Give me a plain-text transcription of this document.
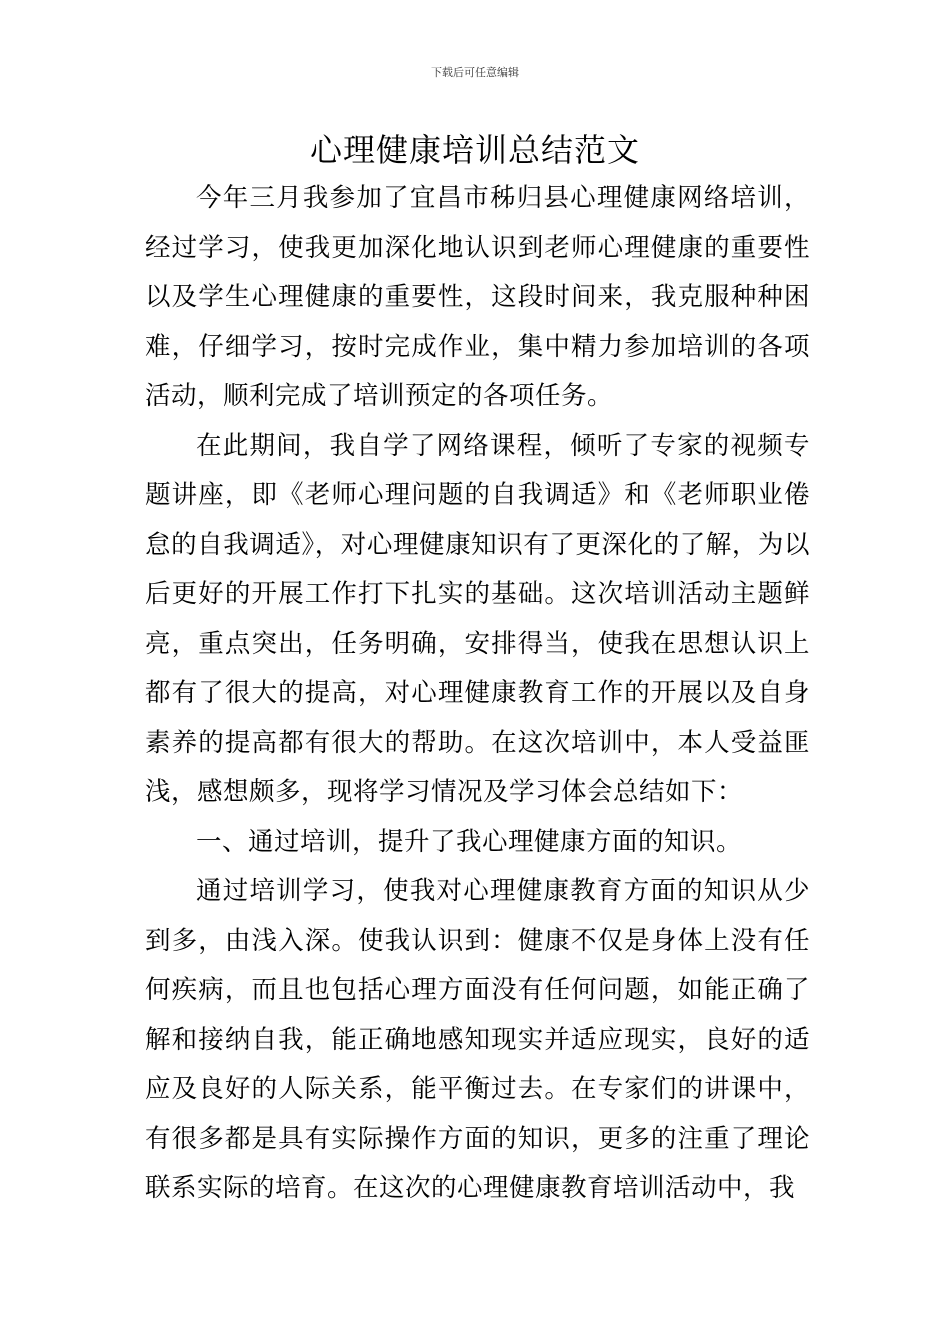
下载后可任意编辑
心理健康培训总结范文

今年三月我参加了宜昌市秭归县心理健康网络培训，经过学习，使我更加深化地认识到老师心理健康的重要性以及学生心理健康的重要性，这段时间来，我克服种种困难，仔细学习，按时完成作业，集中精力参加培训的各项活动，顺利完成了培训预定的各项任务。

在此期间，我自学了网络课程，倾听了专家的视频专题讲座，即《老师心理问题的自我调适》和《老师职业倦怠的自我调适》，对心理健康知识有了更深化的了解，为以后更好的开展工作打下扎实的基础。这次培训活动主题鲜亮，重点突出，任务明确，安排得当，使我在思想认识上都有了很大的提高，对心理健康教育工作的开展以及自身素养的提高都有很大的帮助。在这次培训中，本人受益匪浅，感想颇多，现将学习情况及学习体会总结如下：

一、通过培训，提升了我心理健康方面的知识。

通过培训学习，使我对心理健康教育方面的知识从少到多，由浅入深。使我认识到：健康不仅是身体上没有任何疾病，而且也包括心理方面没有任何问题，如能正确了解和接纳自我，能正确地感知现实并适应现实，良好的适应及良好的人际关系，能平衡过去。在专家们的讲课中，有很多都是具有实际操作方面的知识，更多的注重了理论联系实际的培育。在这次的心理健康教育培训活动中，我
